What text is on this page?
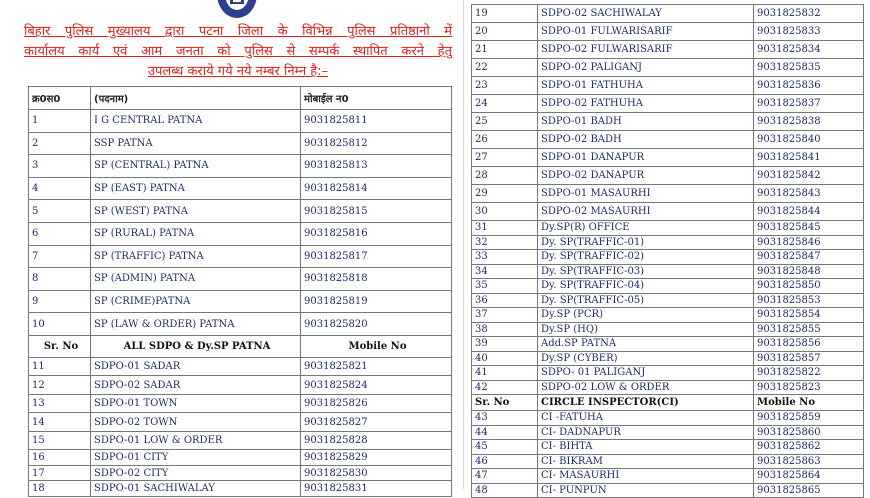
बिहार पुलिस मुख्यालय द्वारा पटना जिला के विभिन्न पुलिस प्रतिष्ठानो में
कार्यालय कार्य एवं आम जनता को पुलिस से सम्पर्क स्थापित करने हेतु
उपलब्ध कराये गये नये नम्बर निम्न है:–
क्र0स0	(पदनाम)	मोबाईल न0
1	I G CENTRAL PATNA	9031825811
2	SSP PATNA	9031825812
3	SP (CENTRAL) PATNA	9031825813
4	SP (EAST) PATNA	9031825814
5	SP (WEST) PATNA	9031825815
6	SP (RURAL) PATNA	9031825816
7	SP (TRAFFIC) PATNA	9031825817
8	SP (ADMIN) PATNA	9031825818
9	SP (CRIME)PATNA	9031825819
10	SP (LAW & ORDER) PATNA	9031825820
Sr. No	ALL SDPO & Dy.SP PATNA	Mobile No
11	SDPO-01 SADAR	9031825821
12	SDPO-02 SADAR	9031825824
13	SDPO-01 TOWN	9031825826
14	SDPO-02 TOWN	9031825827
15	SDPO-01 LOW & ORDER	9031825828
16	SDPO-01 CITY	9031825829
17	SDPO-02 CITY	9031825830
18	SDPO-01 SACHIWALAY	9031825831
19	SDPO-02 SACHIWALAY	9031825832
20	SDPO-01 FULWARISARIF	9031825833
21	SDPO-02 FULWARISARIF	9031825834
22	SDPO-02 PALIGANJ	9031825835
23	SDPO-01 FATHUHA	9031825836
24	SDPO-02 FATHUHA	9031825837
25	SDPO-01 BADH	9031825838
26	SDPO-02 BADH	9031825840
27	SDPO-01 DANAPUR	9031825841
28	SDPO-02 DANAPUR	9031825842
29	SDPO-01 MASAURHI	9031825843
30	SDPO-02 MASAURHI	9031825844
31	Dy.SP(R) OFFICE	9031825845
32	Dy. SP(TRAFFIC-01)	9031825846
33	Dy. SP(TRAFFIC-02)	9031825847
34	Dy. SP(TRAFFIC-03)	9031825848
35	Dy. SP(TRAFFIC-04)	9031825850
36	Dy. SP(TRAFFIC-05)	9031825853
37	Dy.SP (PCR)	9031825854
38	Dy.SP (HQ)	9031825855
39	Add.SP PATNA	9031825856
40	Dy.SP (CYBER)	9031825857
41	SDPO- 01 PALIGANJ	9031825822
42	SDPO-02 LOW & ORDER	9031825823
Sr. No	CIRCLE INSPECTOR(CI)	Mobile No
43	CI -FATUHA	9031825859
44	CI- DADNAPUR	9031825860
45	CI- BIHTA	9031825862
46	CI- BIKRAM	9031825863
47	CI- MASAURHI	9031825864
48	CI- PUNPUN	9031825865
